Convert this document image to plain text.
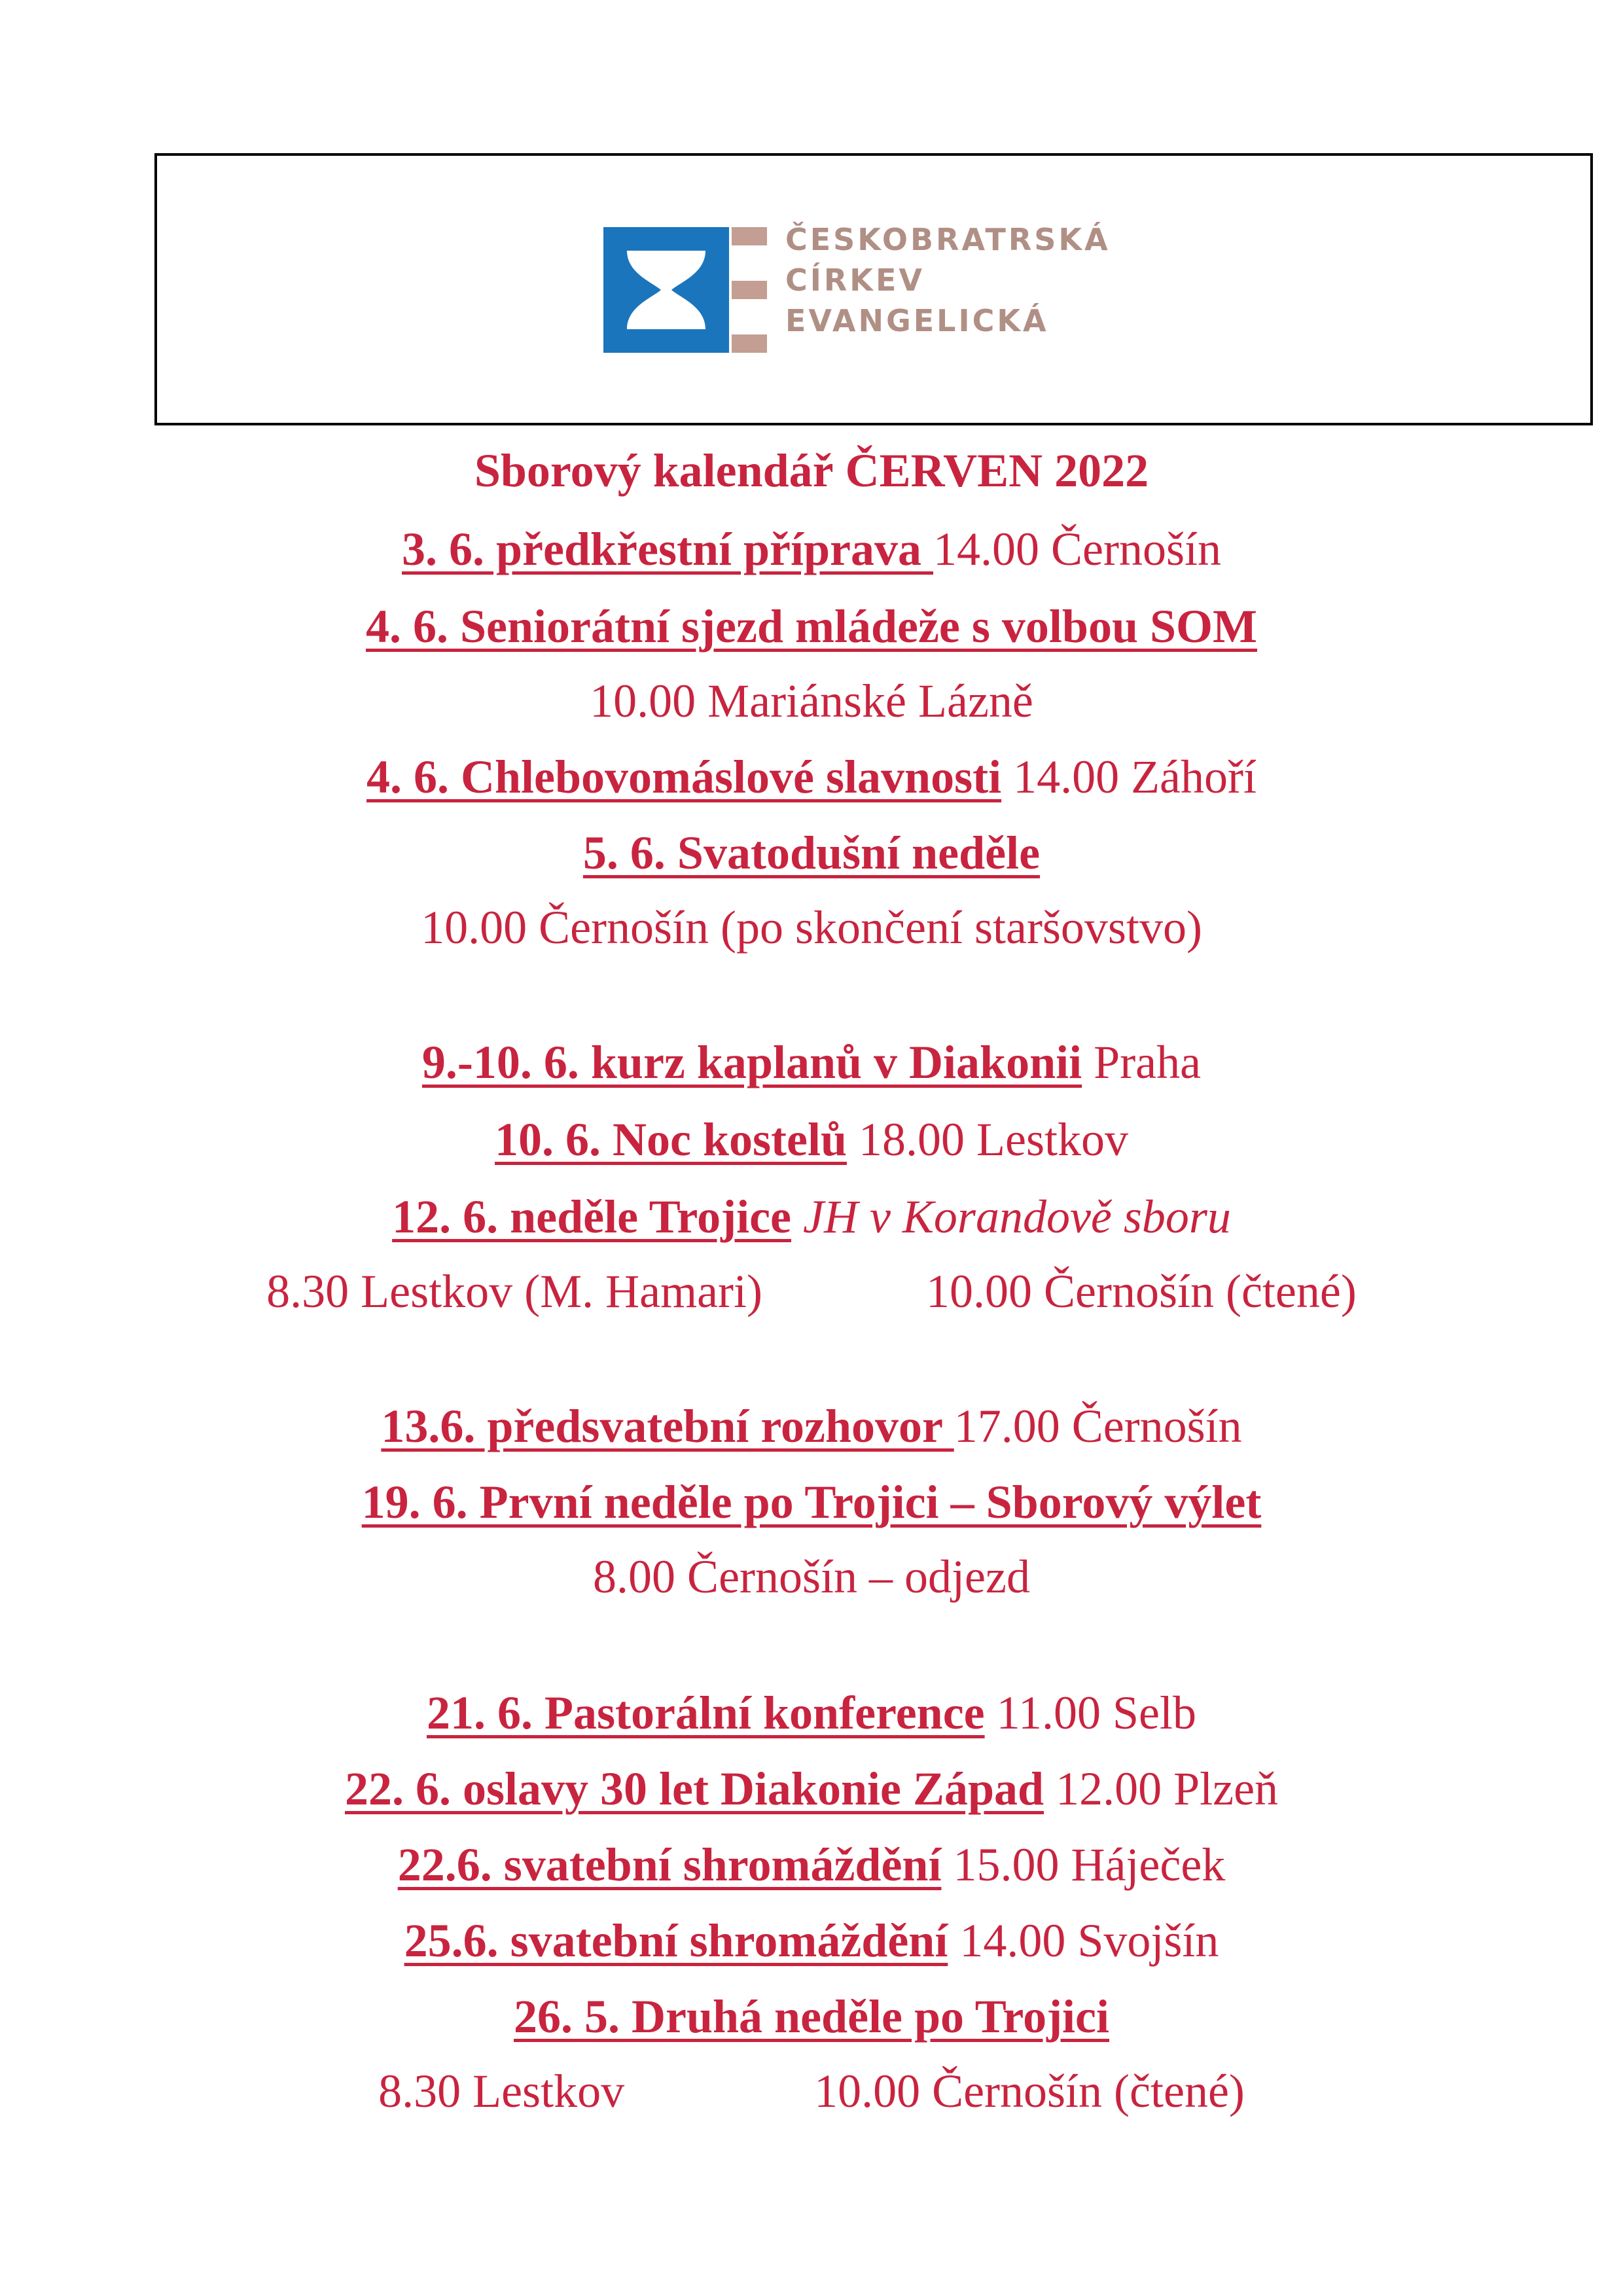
ČESKOBRATRSKÁ
CÍRKEV
EVANGELICKÁ
Sborový kalendář ČERVEN 2022
3. 6. předkřestní příprava 14.00 Černošín
4. 6. Seniorátní sjezd mládeže s volbou SOM
10.00 Mariánské Lázně
4. 6. Chlebovomáslové slavnosti 14.00 Záhoří
5. 6. Svatodušní neděle
10.00 Černošín (po skončení staršovstvo)
9.-10. 6. kurz kaplanů v Diakonii Praha
10. 6. Noc kostelů 18.00 Lestkov
12. 6. neděle Trojice JH v Korandově sboru
8.30 Lestkov (M. Hamari)	10.00 Černošín (čtené)
13.6. předsvatební rozhovor 17.00 Černošín
19. 6. První neděle po Trojici – Sborový výlet
8.00 Černošín – odjezd
21. 6. Pastorální konference 11.00 Selb
22. 6. oslavy 30 let Diakonie Západ 12.00 Plzeň
22.6. svatební shromáždění 15.00 Háječek
25.6. svatební shromáždění 14.00 Svojšín
26. 5. Druhá neděle po Trojici
8.30 Lestkov	10.00 Černošín (čtené)
